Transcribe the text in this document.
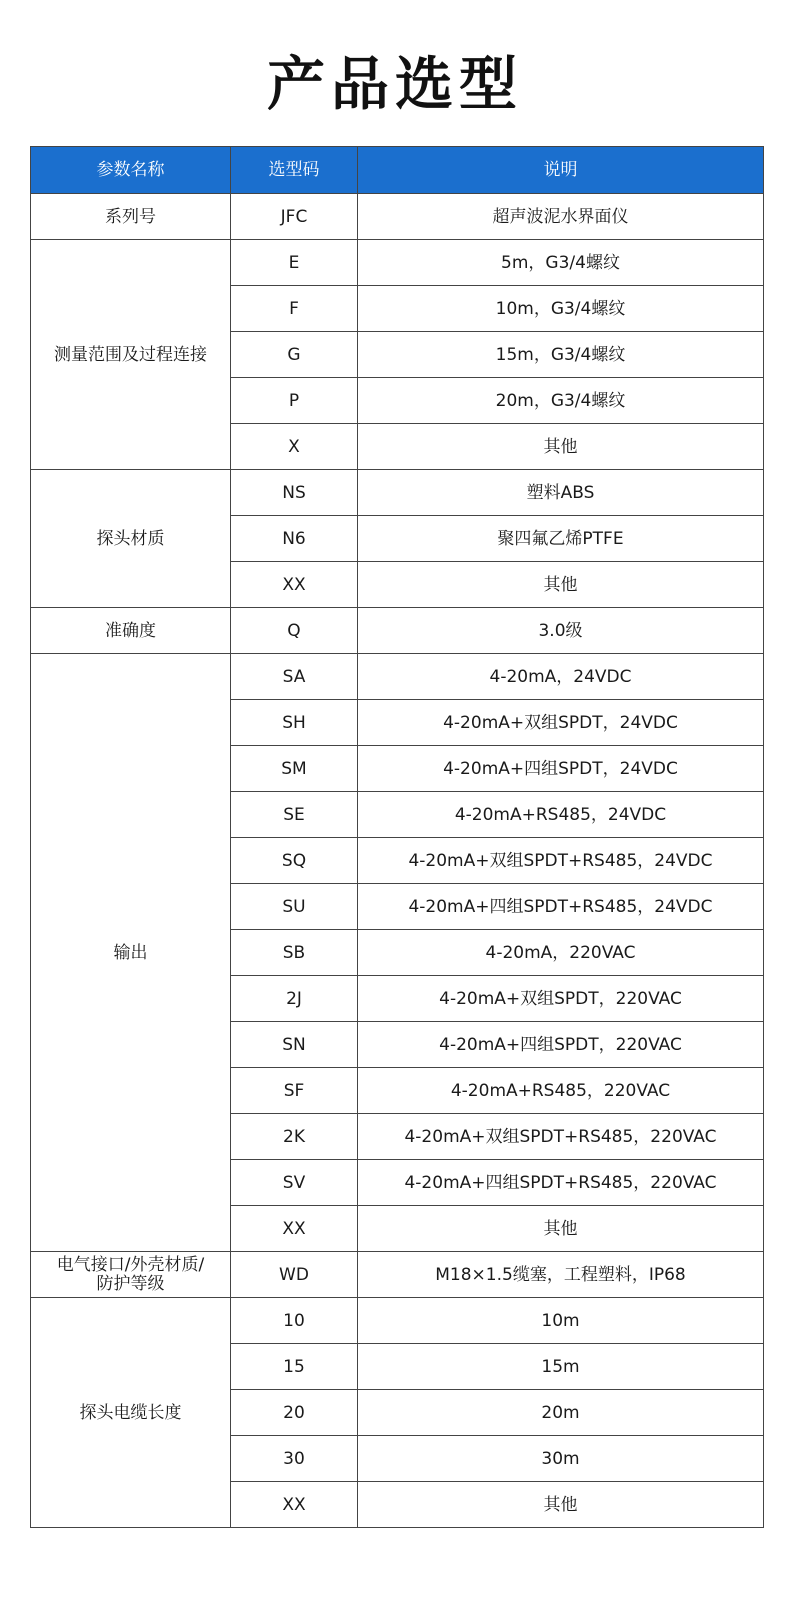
产品选型
参数名称	选型码	说明
系列号	JFC	超声波泥水界面仪
测量范围及过程连接	E	5m，G3/4螺纹
	F	10m，G3/4螺纹
	G	15m，G3/4螺纹
	P	20m，G3/4螺纹
	X	其他
探头材质	NS	塑料ABS
	N6	聚四氟乙烯PTFE
	XX	其他
准确度	Q	3.0级
输出	SA	4-20mA，24VDC
	SH	4-20mA+双组SPDT，24VDC
	SM	4-20mA+四组SPDT，24VDC
	SE	4-20mA+RS485，24VDC
	SQ	4-20mA+双组SPDT+RS485，24VDC
	SU	4-20mA+四组SPDT+RS485，24VDC
	SB	4-20mA，220VAC
	2J	4-20mA+双组SPDT，220VAC
	SN	4-20mA+四组SPDT，220VAC
	SF	4-20mA+RS485，220VAC
	2K	4-20mA+双组SPDT+RS485，220VAC
	SV	4-20mA+四组SPDT+RS485，220VAC
	XX	其他
电气接口/外壳材质/防护等级	WD	M18×1.5缆塞，工程塑料，IP68
探头电缆长度	10	10m
	15	15m
	20	20m
	30	30m
	XX	其他
